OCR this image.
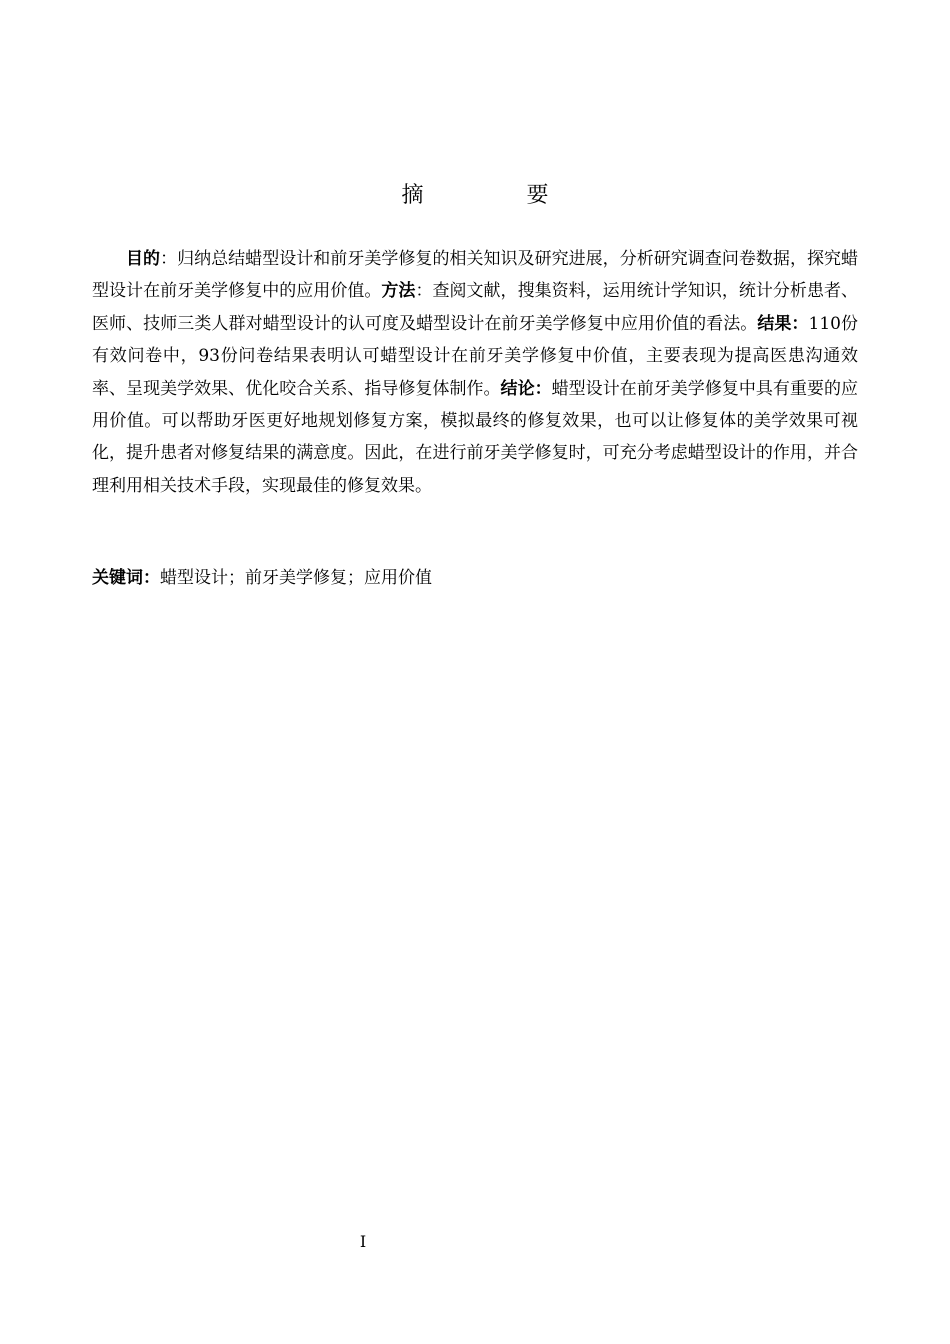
摘 要

目的：归纳总结蜡型设计和前牙美学修复的相关知识及研究进展，分析研究调查问卷数据，探究蜡型设计在前牙美学修复中的应用价值。方法：查阅文献，搜集资料，运用统计学知识，统计分析患者、医师、技师三类人群对蜡型设计的认可度及蜡型设计在前牙美学修复中应用价值的看法。结果：110份有效问卷中，93份问卷结果表明认可蜡型设计在前牙美学修复中价值，主要表现为提高医患沟通效率、呈现美学效果、优化咬合关系、指导修复体制作。结论：蜡型设计在前牙美学修复中具有重要的应用价值。可以帮助牙医更好地规划修复方案，模拟最终的修复效果，也可以让修复体的美学效果可视化，提升患者对修复结果的满意度。因此，在进行前牙美学修复时，可充分考虑蜡型设计的作用，并合理利用相关技术手段，实现最佳的修复效果。

关键词：蜡型设计；前牙美学修复；应用价值

I
